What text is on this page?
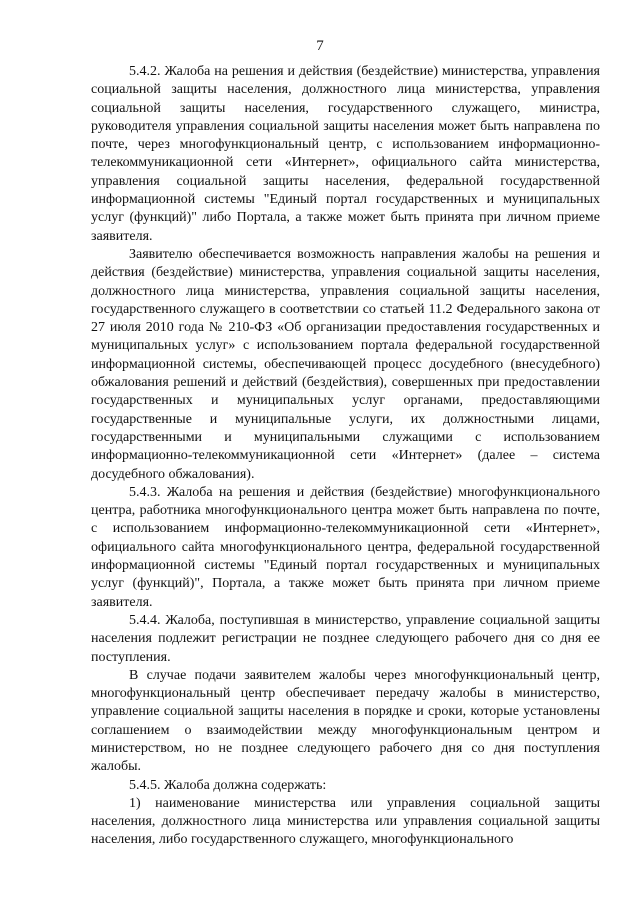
7

5.4.2. Жалоба на решения и действия (бездействие) министерства, управления социальной защиты населения, должностного лица министерства, управления социальной защиты населения, государственного служащего, министра, руководителя управления социальной защиты населения может быть направлена по почте, через многофункциональный центр, с использованием информационно-телекоммуникационной сети «Интернет», официального сайта министерства, управления социальной защиты населения, федеральной государственной информационной системы "Единый портал государственных и муниципальных услуг (функций)" либо Портала, а также может быть принята при личном приеме заявителя.

Заявителю обеспечивается возможность направления жалобы на решения и действия (бездействие) министерства, управления социальной защиты населения, должностного лица министерства, управления социальной защиты населения, государственного служащего в соответствии со статьей 11.2 Федерального закона от 27 июля 2010 года № 210-ФЗ «Об организации предоставления государственных и муниципальных услуг» с использованием портала федеральной государственной информационной системы, обеспечивающей процесс досудебного (внесудебного) обжалования решений и действий (бездействия), совершенных при предоставлении государственных и муниципальных услуг органами, предоставляющими государственные и муниципальные услуги, их должностными лицами, государственными и муниципальными служащими с использованием информационно-телекоммуникационной сети «Интернет» (далее – система досудебного обжалования).

5.4.3. Жалоба на решения и действия (бездействие) многофункционального центра, работника многофункционального центра может быть направлена по почте, с использованием информационно-телекоммуникационной сети «Интернет», официального сайта многофункционального центра, федеральной государственной информационной системы "Единый портал государственных и муниципальных услуг (функций)", Портала, а также может быть принята при личном приеме заявителя.

5.4.4. Жалоба, поступившая в министерство, управление социальной защиты населения подлежит регистрации не позднее следующего рабочего дня со дня ее поступления.

В случае подачи заявителем жалобы через многофункциональный центр, многофункциональный центр обеспечивает передачу жалобы в министерство, управление социальной защиты населения в порядке и сроки, которые установлены соглашением о взаимодействии между многофункциональным центром и министерством, но не позднее следующего рабочего дня со дня поступления жалобы.

5.4.5. Жалоба должна содержать:

1) наименование министерства или управления социальной защиты населения, должностного лица министерства или управления социальной защиты населения, либо государственного служащего, многофункционального
